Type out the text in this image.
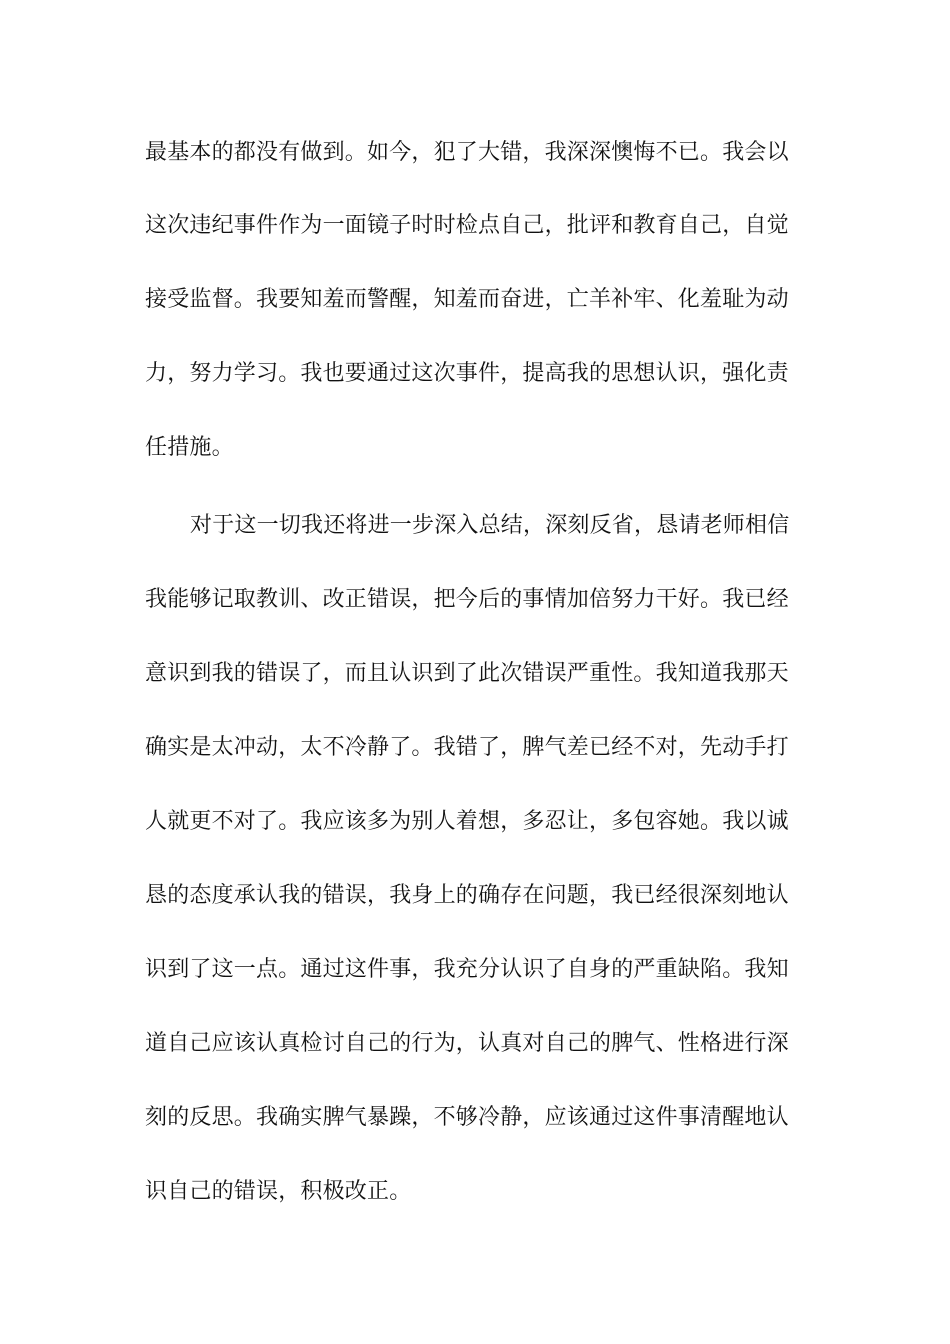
最基本的都没有做到。如今，犯了大错，我深深懊悔不已。我会以
这次违纪事件作为一面镜子时时检点自己，批评和教育自己，自觉
接受监督。我要知羞而警醒，知羞而奋进，亡羊补牢、化羞耻为动
力，努力学习。我也要通过这次事件，提高我的思想认识，强化责
任措施。
对于这一切我还将进一步深入总结，深刻反省，恳请老师相信
我能够记取教训、改正错误，把今后的事情加倍努力干好。我已经
意识到我的错误了，而且认识到了此次错误严重性。我知道我那天
确实是太冲动，太不冷静了。我错了，脾气差已经不对，先动手打
人就更不对了。我应该多为别人着想，多忍让，多包容她。我以诚
恳的态度承认我的错误，我身上的确存在问题，我已经很深刻地认
识到了这一点。通过这件事，我充分认识了自身的严重缺陷。我知
道自己应该认真检讨自己的行为，认真对自己的脾气、性格进行深
刻的反思。我确实脾气暴躁，不够冷静，应该通过这件事清醒地认
识自己的错误，积极改正。
